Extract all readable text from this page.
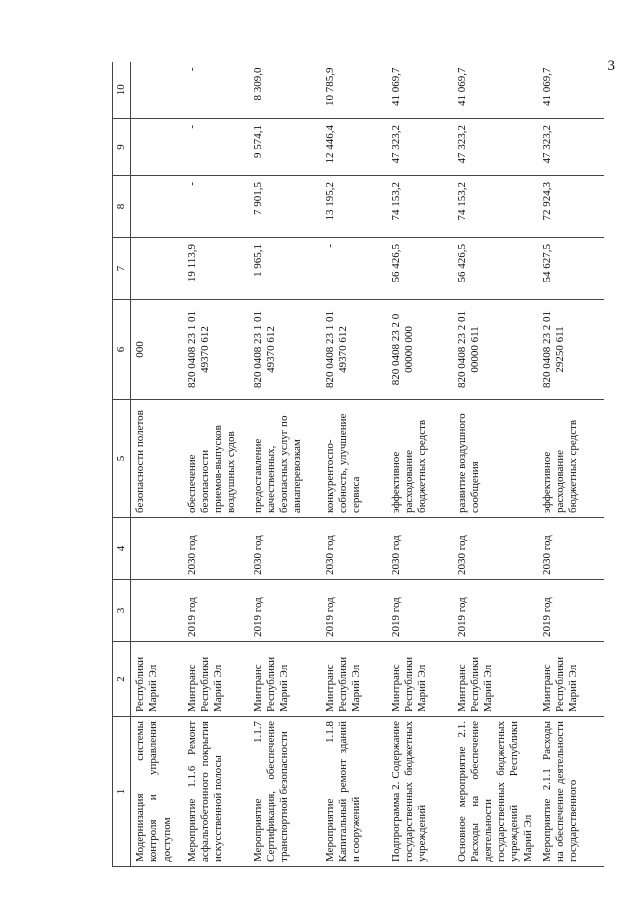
3
1	2	3	4	5	6	7	8	9	10
Модернизация системы контроля и управления доступом	Республики Марий Эл			безопасности полетов	000				
Мероприятие 1.1.6 Ремонт асфальтобетонного покрытия искусственной полосы	Минтранс Республики Марий Эл	2019 год	2030 год	обеспечение безопасности приемов-выпусков воздушных судов	820 0408 23 1 01 49370 612	19 113,9	-	-	-
Мероприятие 1.1.7 Сертификация, обеспечение транспортной безопасности	Минтранс Республики Марий Эл	2019 год	2030 год	предоставление качественных, безопасных услуг по авиаперевозкам	820 0408 23 1 01 49370 612	1 965,1	7 901,5	9 574,1	8 309,0
Мероприятие 1.1.8 Капитальный ремонт зданий и сооружений	Минтранс Республики Марий Эл	2019 год	2030 год	конкурентоспо-собность, улучшение сервиса	820 0408 23 1 01 49370 612	-	13 195,2	12 446,4	10 785,9
Подпрограмма 2. Содержание государственных бюджетных учреждений	Минтранс Республики Марий Эл	2019 год	2030 год	эффективное расходование бюджетных средств	820 0408 23 2 0 00000 000	56 426,5	74 153,2	47 323,2	41 069,7
Основное мероприятие 2.1. Расходы на обеспечение деятельности государственных бюджетных учреждений Республики Марий Эл	Минтранс Республики Марий Эл	2019 год	2030 год	развитие воздушного сообщения	820 0408 23 2 01 00000 611	56 426,5	74 153,2	47 323,2	41 069,7
Мероприятие 2.1.1 Расходы на обеспечение деятельности государственного	Минтранс Республики Марий Эл	2019 год	2030 год	эффективное расходование бюджетных средств	820 0408 23 2 01 29250 611	54 627,5	72 924,3	47 323,2	41 069,7
